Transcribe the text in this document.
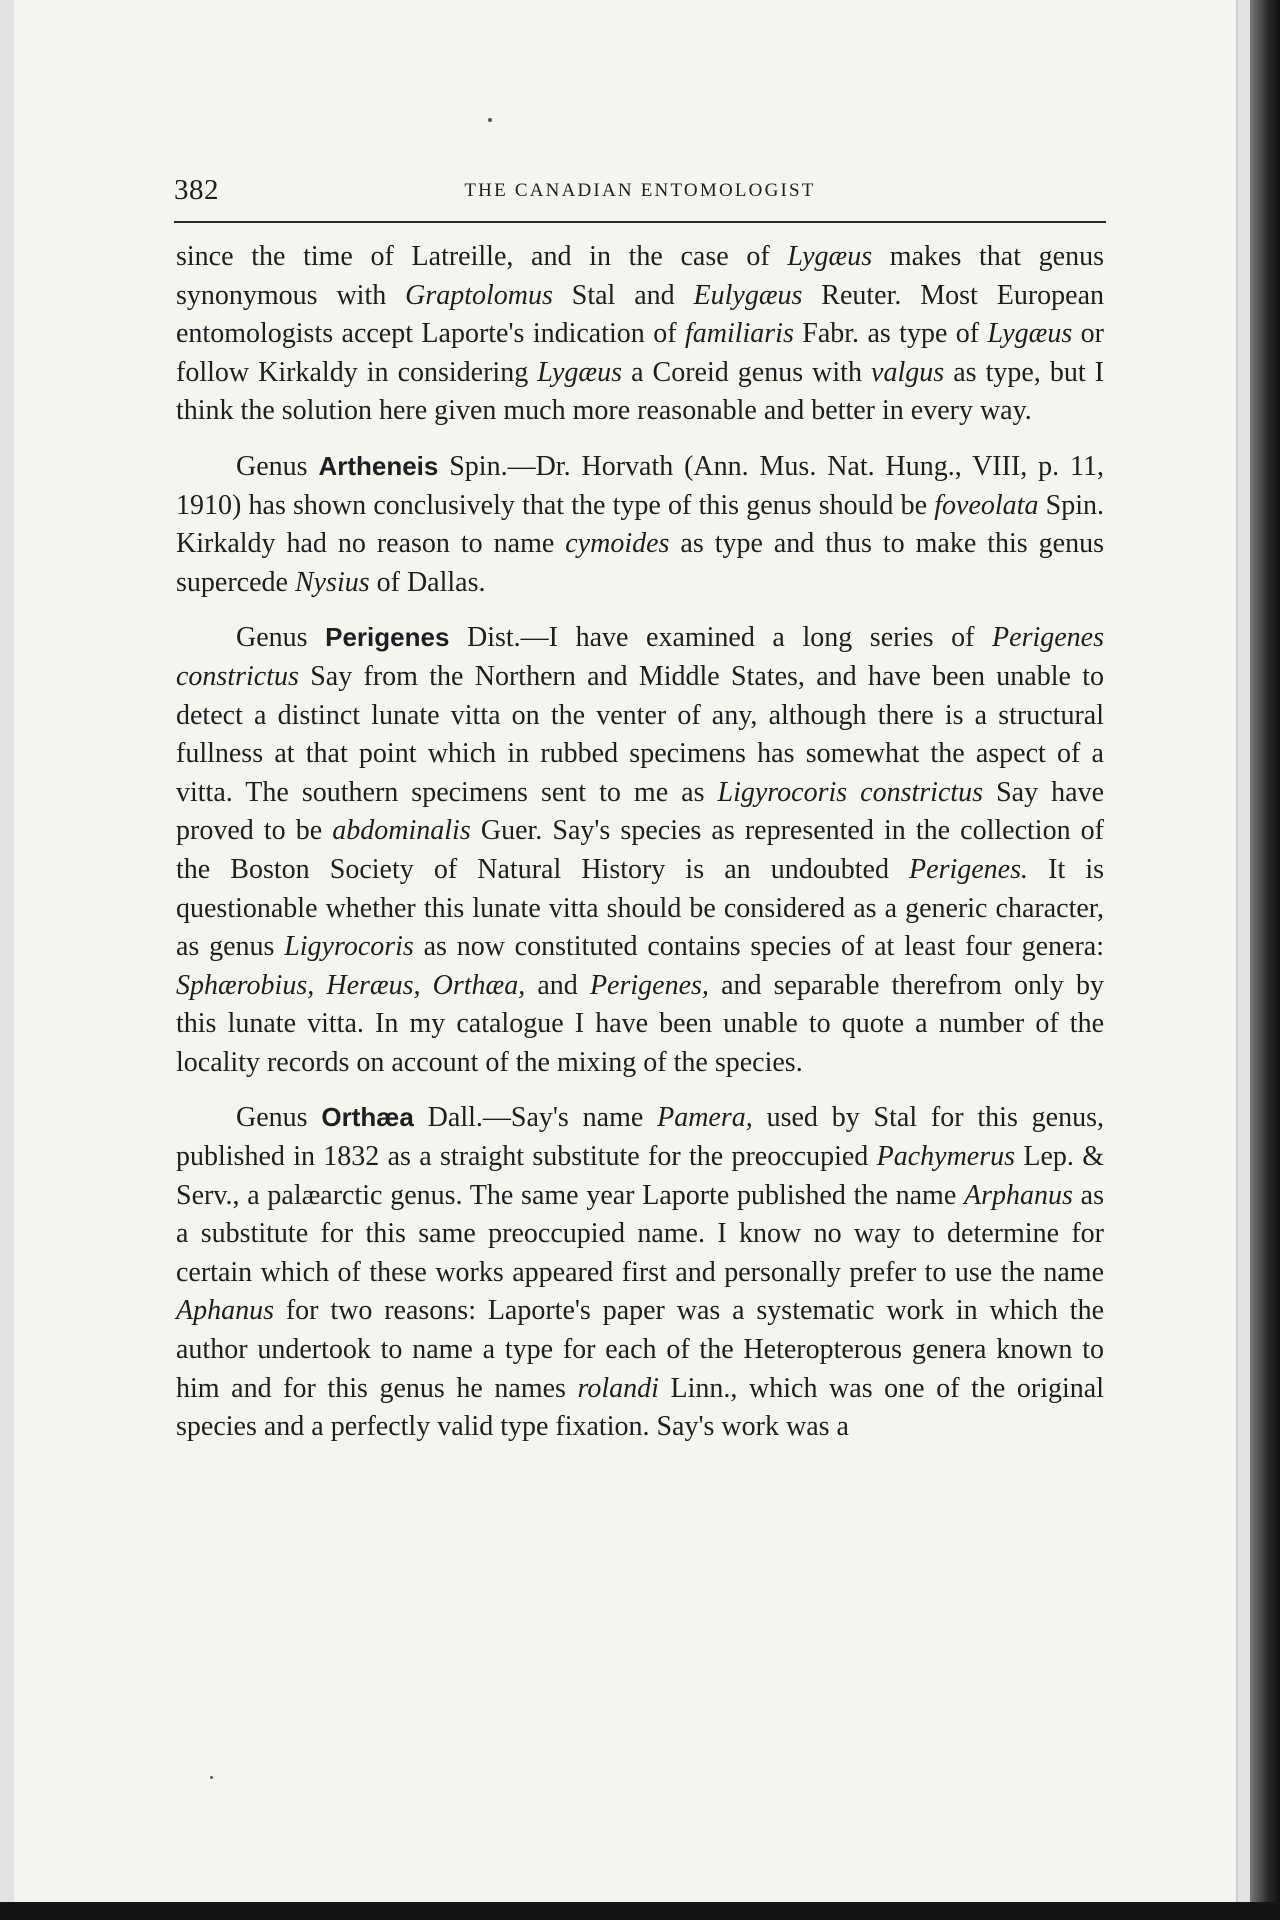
382	THE CANADIAN ENTOMOLOGIST

since the time of Latreille, and in the case of Lygæus makes that genus synonymous with Graptolomus Stal and Eulygæus Reuter. Most European entomologists accept Laporte's indication of familiaris Fabr. as type of Lygæus or follow Kirkaldy in considering Lygæus a Coreid genus with valgus as type, but I think the solution here given much more reasonable and better in every way.

Genus Artheneis Spin.—Dr. Horvath (Ann. Mus. Nat. Hung., VIII, p. 11, 1910) has shown conclusively that the type of this genus should be foveolata Spin. Kirkaldy had no reason to name cymoides as type and thus to make this genus supercede Nysius of Dallas.

Genus Perigenes Dist.—I have examined a long series of Perigenes constrictus Say from the Northern and Middle States, and have been unable to detect a distinct lunate vitta on the venter of any, although there is a structural fullness at that point which in rubbed specimens has somewhat the aspect of a vitta. The southern specimens sent to me as Ligyrocoris constrictus Say have proved to be abdominalis Guer. Say's species as represented in the collection of the Boston Society of Natural History is an undoubted Perigenes. It is questionable whether this lunate vitta should be considered as a generic character, as genus Ligyrocoris as now constituted contains species of at least four genera: Sphærobius, Heræus, Orthæa, and Perigenes, and separable therefrom only by this lunate vitta. In my catalogue I have been unable to quote a number of the locality records on account of the mixing of the species.

Genus Orthæa Dall.—Say's name Pamera, used by Stal for this genus, published in 1832 as a straight substitute for the preoccupied Pachymerus Lep. & Serv., a palæarctic genus. The same year Laporte published the name Arphanus as a substitute for this same preoccupied name. I know no way to determine for certain which of these works appeared first and personally prefer to use the name Aphanus for two reasons: Laporte's paper was a systematic work in which the author undertook to name a type for each of the Heteropterous genera known to him and for this genus he names rolandi Linn., which was one of the original species and a perfectly valid type fixation. Say's work was a
